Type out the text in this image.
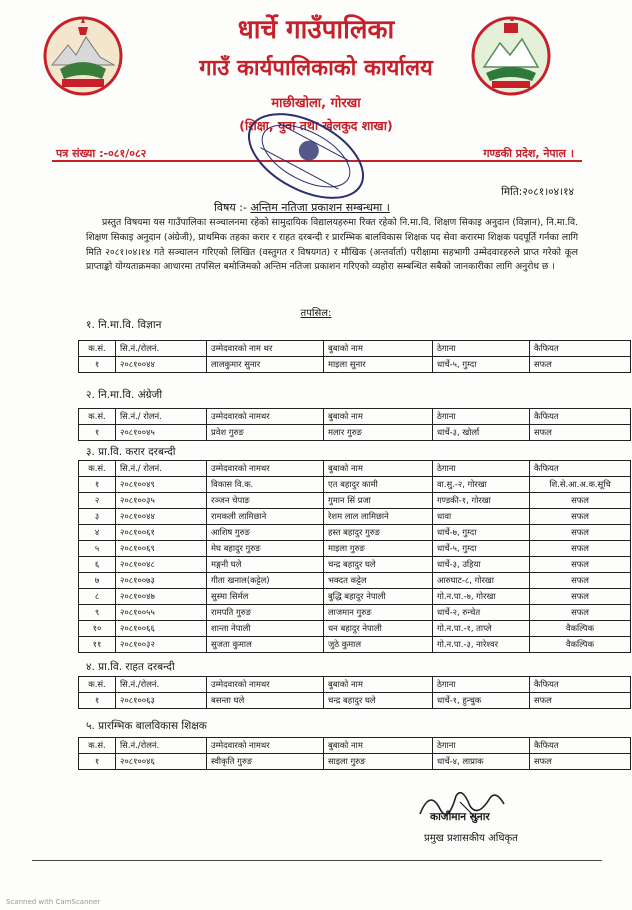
धार्चे गाउँपालिका
गाउँ कार्यपालिकाको कार्यालय
माछीखोला, गोरखा
(शिक्षा, युवा तथा खेलकुद शाखा)
पत्र संख्या :-०८१/०८२	गण्डकी प्रदेश, नेपाल ।
मिति:२०८१।०४।१४
विषय :- अन्तिम नतिजा प्रकाशन सम्बन्धमा ।
प्रस्तुत विषयमा यस गाउँपालिका सञ्चालनमा रहेको सामुदायिक विद्यालयहरुमा रिक्त रहेको नि.मा.वि. शिक्षण सिकाइ अनुदान (विज्ञान), नि.मा.वि. शिक्षण सिकाइ अनुदान (अंग्रेजी), प्राथमिक तहका करार र राहत दरबन्दी र प्रारम्भिक बालविकास शिक्षक पद सेवा करारमा शिक्षक पदपूर्ति गर्नका लागि मिति २०८१।०४।१४ गते सञ्चालन गरिएको लिखित (वस्तुगत र विषयगत) र मौखिक (अन्तर्वार्ता) परीक्षामा सहभागी उम्मेदवारहरुले प्राप्त गरेको कूल प्राप्ताङ्को योग्यताक्रमका आधारमा तपसिल बमोजिमको अन्तिम नतिजा प्रकाशन गरिएको व्यहोरा सम्बन्धित सबैको जानकारीका लागि अनुरोध छ ।
तपसिल:
१. नि.मा.वि. विज्ञान
क.सं.	सि.नं./रोलनं.	उम्मेदवारको नाम थर	बुबाको नाम	ठेगाना	कैफियत
१	२०८१००४४	लालकुमार सुनार	माइला सुनार	धार्चे-५, गुम्दा	सफल
२. नि.मा.वि. अंग्रेजी
क.सं.	सि.नं./ रोलनं.	उम्मेदवारको नामथर	बुबाको नाम	ठेगाना	कैफियत
१	२०८१००४५	प्रवेश गुरुङ	मलार गुरुङ	धार्चे-३, खोर्ला	सफल
३. प्रा.वि. करार दरबन्दी
क.सं.	सि.नं./ रोलनं.	उम्मेदवारको नामथर	बुबाको नाम	ठेगाना	कैफियत
१	२०८१००४९	विकास वि.क.	एत बहादुर कामी	वा.सु.-२, गोरखा	शि.से.आ.अ.क.सूचि
२	२०८१००३५	रञ्जन चेपाङ	गुमान सिं प्रजा	गण्डकी-१, गोरखा	सफल
३	२०८१००४४	रामकली लामिछाने	रेशम लाल लामिछाने	धावा	सफल
४	२०८१००६१	आशिष गुरुङ	हस्त बहादुर गुरुङ	धार्चे-७, गुम्दा	सफल
५	२०८१००६९	मेघ बहादुर गुरुङ	माइला गुरुङ	धार्चे-५, गुम्दा	सफल
६	२०८१००४८	मङ्गनी घले	चन्द्र बहादुर घले	धार्चे-३, उहिया	सफल
७	२०८१००७३	गीता खनाल(कट्टेल)	भक्दत कट्टेल	आरुघाट-८, गोरखा	सफल
८	२०८१००४७	सुस्मा सिर्मल	बुद्धि बहादुर नेपाली	गो.न.पा.-७, गोरखा	सफल
९	२०८१००५५	रामपति गुरुङ	लाजमान गुरुङ	धार्चे-२, रुन्चेत	सफल
१०	२०८१००६६	शान्ता नेपाली	धन बहादुर नेपाली	गो.न.पा.-१, ताप्ले	वैकल्पिक
११	२०८१००३२	सुजता कुमाल	जुठे कुमाल	गो.न.पा.-३, नारेश्वर	वैकल्पिक
४. प्रा.वि. राहत दरबन्दी
क.सं.	सि.नं./रोलनं.	उम्मेदवारको नामथर	बुबाको नाम	ठेगाना	कैफियत
१	२०८१००६३	बसन्ता घले	चन्द्र बहादुर घले	धार्चे-१, हुन्चुक	सफल
५. प्रारम्भिक बालविकास शिक्षक
क.सं.	सि.नं./रोलनं.	उम्मेदवारको नामथर	बुबाको नाम	ठेगाना	कैफियत
१	२०८१००४६	स्वीकृति गुरुङ	साइला गुरुङ	धार्चे-४, लाप्राक	सफल
काजीमान सुनार
प्रमुख प्रशासकीय अधिकृत
Scanned with CamScanner
